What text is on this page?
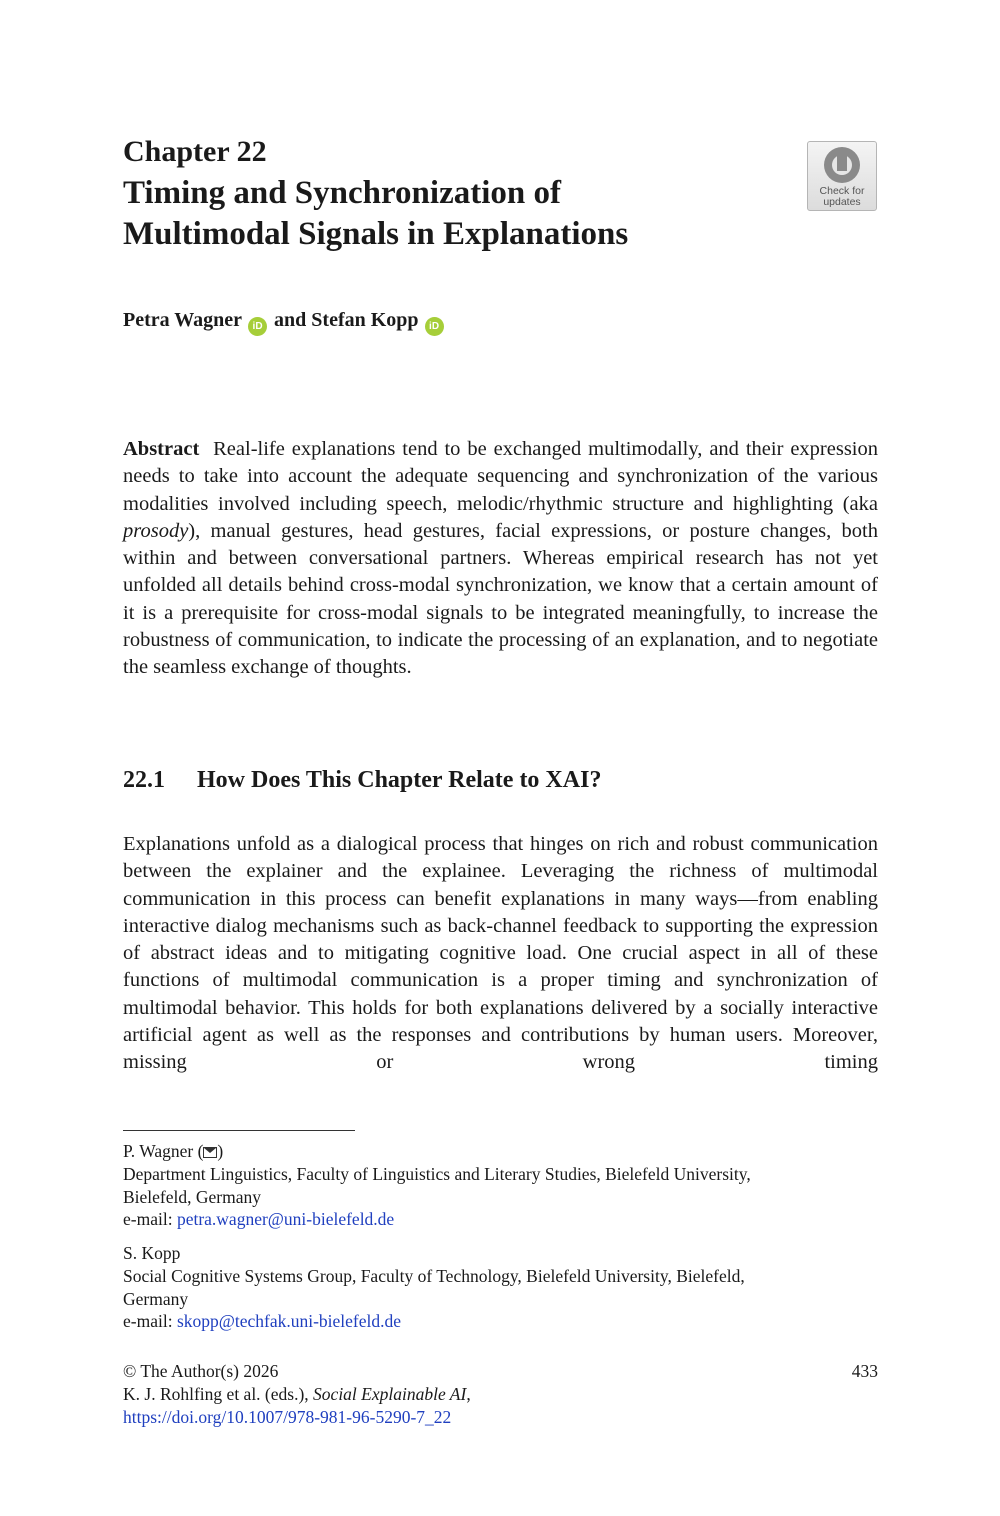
Chapter 22
Timing and Synchronization of
Multimodal Signals in Explanations
Check for
updates
Petra Wagner iD and Stefan Kopp iD
Abstract Real-life explanations tend to be exchanged multimodally, and their expression needs to take into account the adequate sequencing and synchronization of the various modalities involved including speech, melodic/rhythmic structure and highlighting (aka prosody), manual gestures, head gestures, facial expressions, or posture changes, both within and between conversational partners. Whereas empirical research has not yet unfolded all details behind cross-modal synchronization, we know that a certain amount of it is a prerequisite for cross-modal signals to be integrated meaningfully, to increase the robustness of communication, to indicate the processing of an explanation, and to negotiate the seamless exchange of thoughts.
22.1 How Does This Chapter Relate to XAI?
Explanations unfold as a dialogical process that hinges on rich and robust communication between the explainer and the explainee. Leveraging the richness of multimodal communication in this process can benefit explanations in many ways—from enabling interactive dialog mechanisms such as back-channel feedback to supporting the expression of abstract ideas and to mitigating cognitive load. One crucial aspect in all of these functions of multimodal communication is a proper timing and synchronization of multimodal behavior. This holds for both explanations delivered by a socially interactive artificial agent as well as the responses and contributions by human users. Moreover, missing or wrong timing
P. Wagner ( )
Department Linguistics, Faculty of Linguistics and Literary Studies, Bielefeld University,
Bielefeld, Germany
e-mail: petra.wagner@uni-bielefeld.de
S. Kopp
Social Cognitive Systems Group, Faculty of Technology, Bielefeld University, Bielefeld,
Germany
e-mail: skopp@techfak.uni-bielefeld.de
© The Author(s) 2026	433
K. J. Rohlfing et al. (eds.), Social Explainable AI,
https://doi.org/10.1007/978-981-96-5290-7_22
